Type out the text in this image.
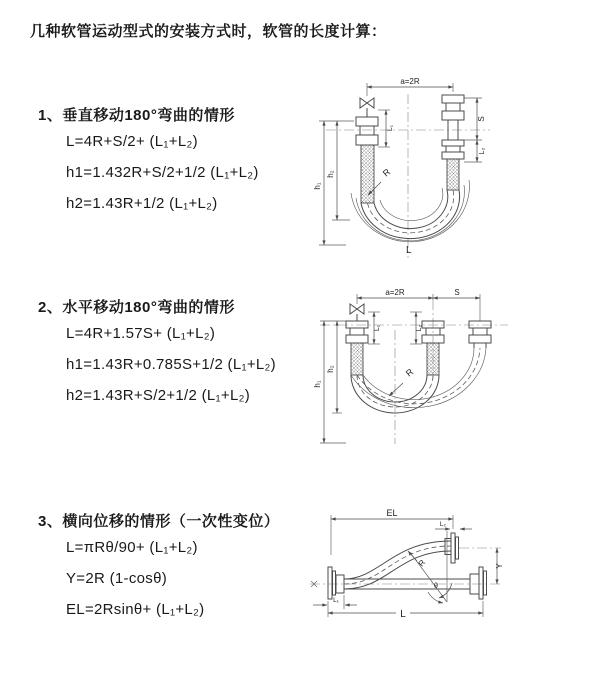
几种软管运动型式的安装方式时，软管的长度计算：
1、垂直移动180°弯曲的情形

L=4R+S/2+ (L₁+L₂)

h1=1.432R+S/2+1/2 (L₁+L₂)

h2=1.43R+1/2 (L₁+L₂)

a=2R
h₁
h₂
L₁
S
L₂
R
L
2、水平移动180°弯曲的情形

L=4R+1.57S+ (L₁+L₂)

h1=1.43R+0.785S+1/2 (L₁+L₂)

h2=1.43R+S/2+1/2 (L₁+L₂)

a=2R	S
h₁
h₂
L₁	L₂
R
3、横向位移的情形（一次性变位）

L=πRθ/90+ (L₁+L₂)

Y=2R (1-cosθ)

EL=2Rsinθ+ (L₁+L₂)

EL
L₂
Y
R
θ
L
L₁
